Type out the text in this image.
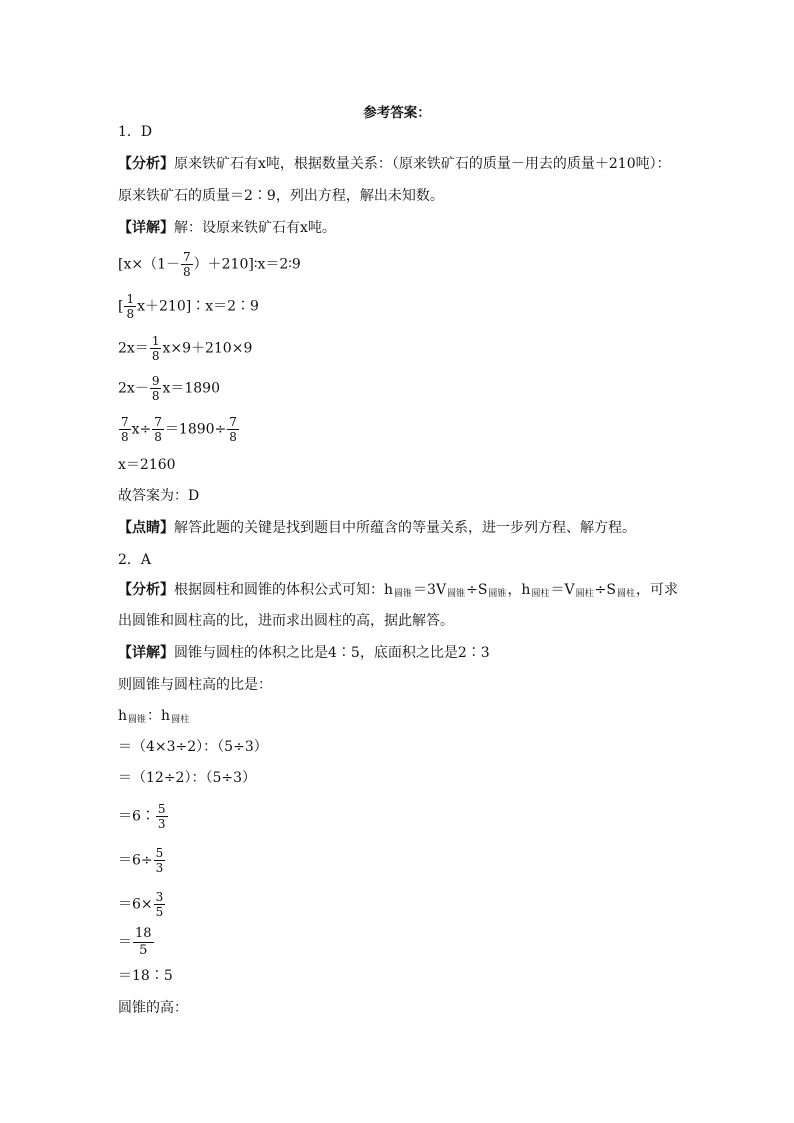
参考答案：
1．D
【分析】原来铁矿石有x吨，根据数量关系：（原来铁矿石的质量－用去的质量＋210吨）：
原来铁矿石的质量＝2∶9，列出方程，解出未知数。
【详解】解：设原来铁矿石有x吨。
[$x\times(1- \frac{7}{8}$ ）＋210]∶x＝2∶9
[ $\frac{1}{8}$ x＋210]∶x＝2∶9
$2x= \frac{1}{8} x\times 9+210\times 9$
$2x- \frac{9}{8} x=1890$
$\frac{7}{8} x\div \frac{7}{8} =1890\div \frac{7}{8}$
x＝2160
故答案为：D
【点睛】解答此题的关键是找到题目中所蕴含的等量关系，进一步列方程、解方程。
2．A
【分析】根据圆柱和圆锥的体积公式可知：h圆锥＝3V圆锥÷S圆锥，h圆柱＝V圆柱÷S圆柱，可求
出圆锥和圆柱高的比，进而求出圆柱的高，据此解答。
【详解】圆锥与圆柱的体积之比是4∶5，底面积之比是2∶3
则圆锥与圆柱高的比是：
h圆锥：h圆柱
＝（4×3÷2）：（5÷3）
＝（12÷2）：（5÷3）
＝6∶ $\frac{5}{3}$
$=6\div \frac{5}{3}$
$=6\times \frac{3}{5}$
＝ $\frac{18}{5}$
＝18∶5
圆锥的高：
